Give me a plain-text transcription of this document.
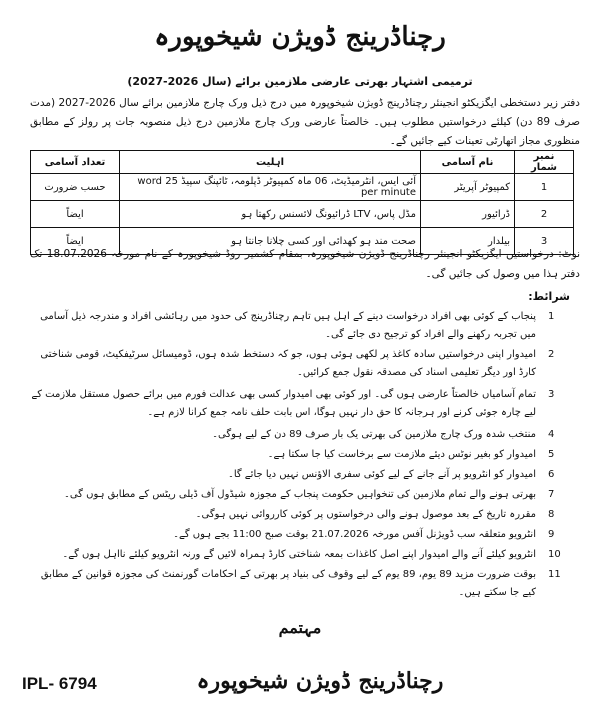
رچناڈرینج ڈویژن شیخوپورہ
ترمیمی اشتہار بھرتی عارضی ملازمین برائے (سال 2026-2027)
دفتر زیر دستخطی ایگزیکٹو انجینئر رچناڈرینج ڈویژن شیخوپورہ میں درج ذیل ورک چارج ملازمین برائے سال 2026-2027 (مدت صرف 89 دن) کیلئے درخواستیں مطلوب ہیں۔ خالصتاً عارضی ورک چارج ملازمین درج ذیل منصوبہ جات پر رولز کے مطابق منظوری مجاز اتھارٹی تعینات کیے جائیں گے۔
نمبر شمار	نام آسامی	اہلیت	تعداد آسامی
1	کمپیوٹر آپریٹر	آئی ایس، انٹرمیڈیٹ، 06 ماہ کمپیوٹر ڈپلومہ، ٹائپنگ سپیڈ 25 word per minute	حسب ضرورت
2	ڈرائیور	مڈل پاس، LTV ڈرائیونگ لائسنس رکھتا ہو	ایضاً
3	بیلدار	صحت مند ہو کھدائی اور کسی چلانا جانتا ہو	ایضاً
نوٹ: درخواستیں ایگزیکٹو انجینئر رچناڈرینج ڈویژن شیخوپورہ، بمقام کشمیر روڈ شیخوپورہ کے نام مورخہ 18.07.2026 تک دفتر ہذا میں وصول کی جائیں گی۔
شرائط:
1
پنجاب کے کوئی بھی افراد درخواست دینے کے اہل ہیں تاہم رچناڈرینج کی حدود میں رہائشی افراد و مندرجہ ذیل آسامی میں تجربہ رکھنے والے افراد کو ترجیح دی جائے گی۔
2
امیدوار اپنی درخواستیں سادہ کاغذ پر لکھی ہوئی ہوں، جو کہ دستخط شدہ ہوں، ڈومیسائل سرٹیفکیٹ، قومی شناختی کارڈ اور دیگر تعلیمی اسناد کی مصدقہ نقول جمع کرائیں۔
3
تمام آسامیاں خالصتاً عارضی ہوں گی۔ اور کوئی بھی امیدوار کسی بھی عدالت فورم میں برائے حصول مستقل ملازمت کے لیے چارہ جوئی کرنے اور ہرجانہ کا حق دار نہیں ہوگا، اس بابت حلف نامہ جمع کرانا لازم ہے۔
4
منتخب شدہ ورک چارج ملازمین کی بھرتی یک بار صرف 89 دن کے لیے ہوگی۔
5
امیدوار کو بغیر نوٹس دیئے ملازمت سے برخاست کیا جا سکتا ہے۔
6
امیدوار کو انٹرویو پر آنے جانے کے لیے کوئی سفری الاؤنس نہیں دیا جائے گا۔
7
بھرتی ہونے والے تمام ملازمین کی تنخواہیں حکومت پنجاب کے مجوزہ شیڈول آف ڈیلی ریٹس کے مطابق ہوں گی۔
8
مقررہ تاریخ کے بعد موصول ہونے والی درخواستوں پر کوئی کارروائی نہیں ہوگی۔
9
انٹرویو متعلقہ سب ڈویژنل آفس مورخہ 21.07.2026 بوقت صبح 11:00 بجے ہوں گے۔
10
انٹرویو کیلئے آنے والے امیدوار اپنے اصل کاغذات بمعہ شناختی کارڈ ہمراہ لائیں گے ورنہ انٹرویو کیلئے نااہل ہوں گے۔
11
بوقت ضرورت مزید 89 یوم، 89 یوم کے لیے وقوف کی بنیاد پر بھرتی کے احکامات گورنمنٹ کی مجوزہ قوانین کے مطابق کیے جا سکتے ہیں۔
مہتمم
رچناڈرینج ڈویژن شیخوپورہ
IPL- 6794
